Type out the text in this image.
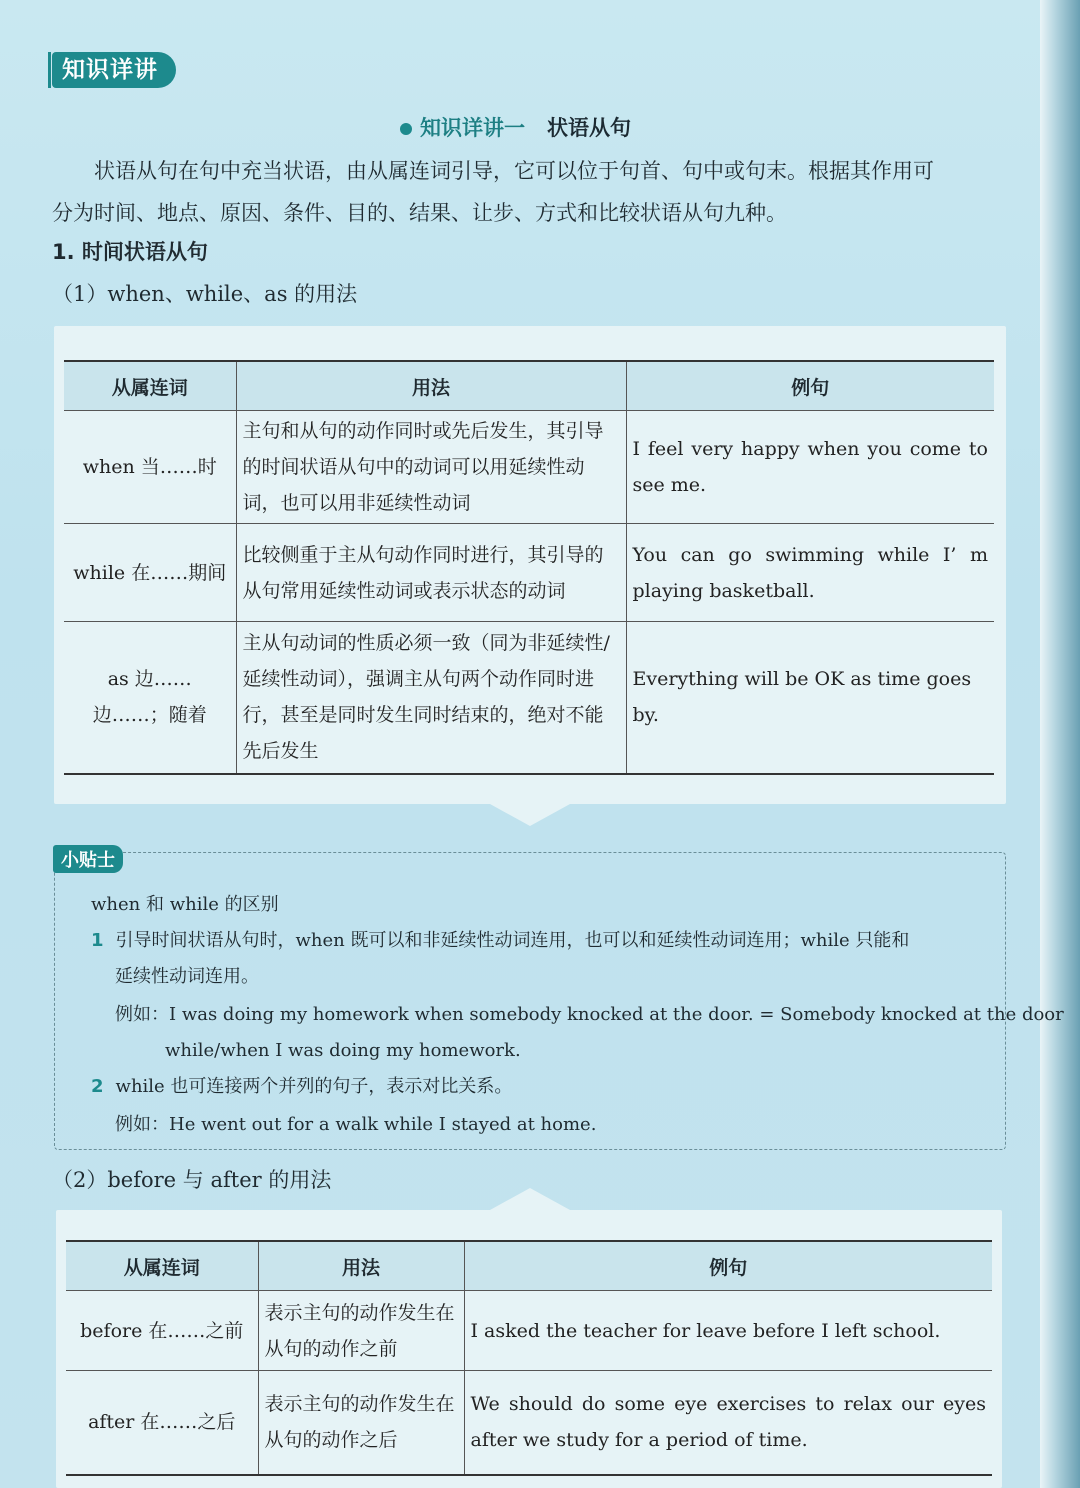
知识详讲
知识详讲一 状语从句
状语从句在句中充当状语，由从属连词引导，它可以位于句首、句中或句末。根据其作用可
分为时间、地点、原因、条件、目的、结果、让步、方式和比较状语从句九种。
1. 时间状语从句
（1）when、while、as 的用法
从属连词	用法	例句
when 当……时	主句和从句的动作同时或先后发生，其引导的时间状语从句中的动词可以用延续性动词，也可以用非延续性动词	I feel very happy when you come to see me.
while 在……期间	比较侧重于主从句动作同时进行，其引导的从句常用延续性动词或表示状态的动词	You can go swimming while I’ m playing basketball.
as 边……边……；随着	主从句动词的性质必须一致（同为非延续性/延续性动词），强调主从句两个动作同时进行，甚至是同时发生同时结束的，绝对不能先后发生	Everything will be OK as time goes by.
小贴士
when 和 while 的区别
1 引导时间状语从句时，when 既可以和非延续性动词连用，也可以和延续性动词连用；while 只能和
延续性动词连用。
例如：I was doing my homework when somebody knocked at the door. = Somebody knocked at the door
while/when I was doing my homework.
2 while 也可连接两个并列的句子，表示对比关系。
例如：He went out for a walk while I stayed at home.
（2）before 与 after 的用法
从属连词	用法	例句
before 在……之前	表示主句的动作发生在从句的动作之前	I asked the teacher for leave before I left school.
after 在……之后	表示主句的动作发生在从句的动作之后	We should do some eye exercises to relax our eyes after we study for a period of time.
